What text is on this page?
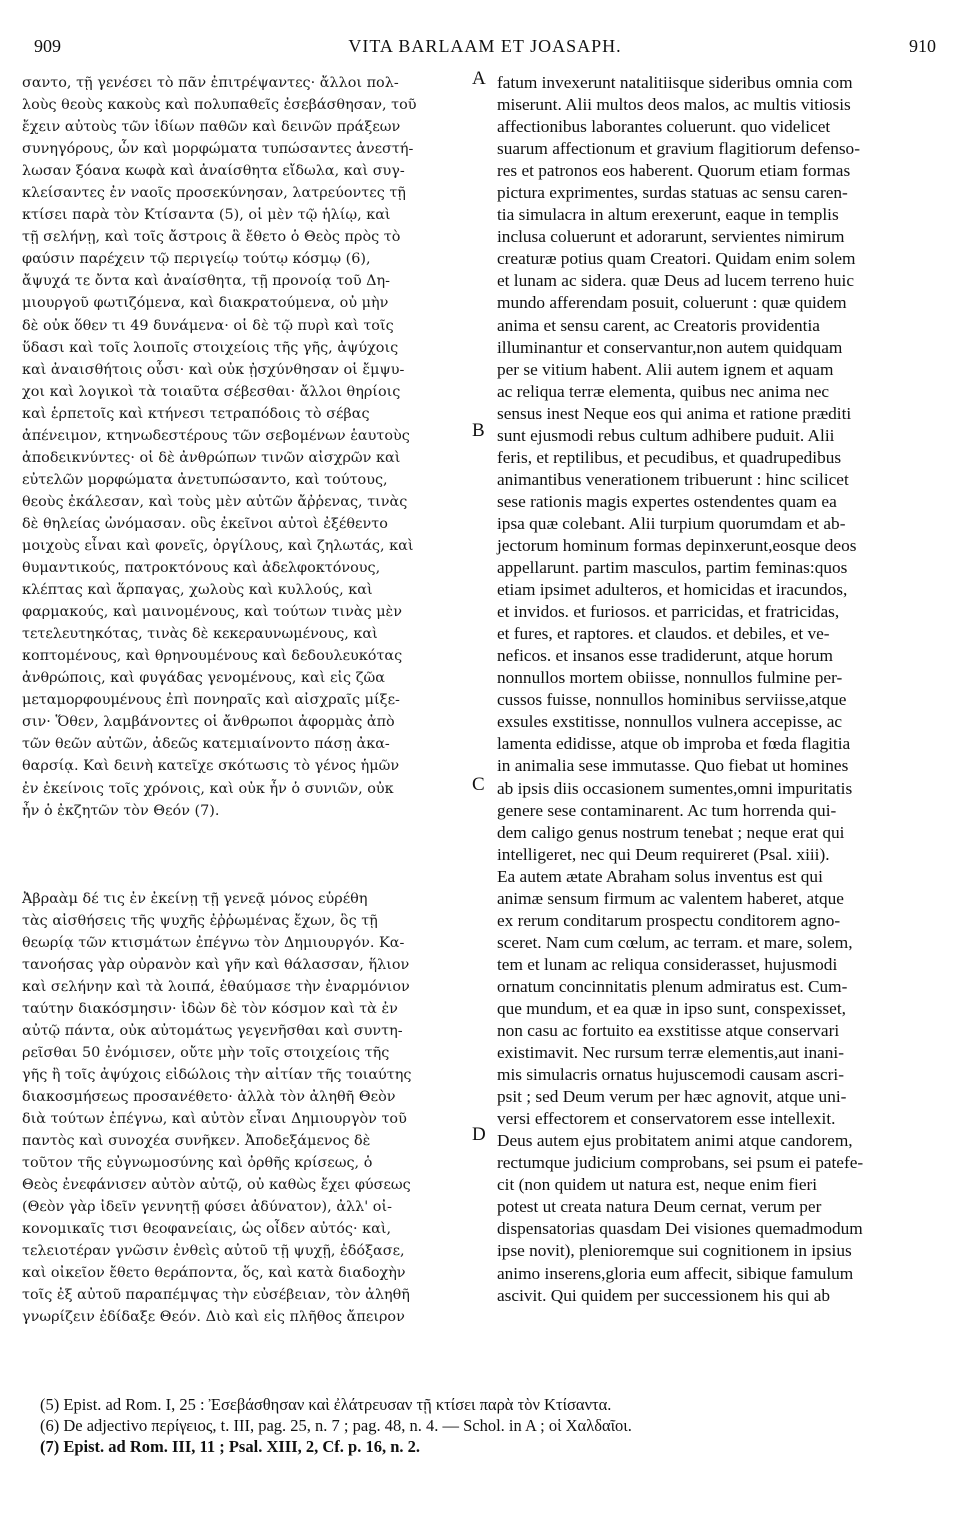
909	VITA BARLAAM ET JOASAPH.	910
σαντο, τῇ γενέσει τὸ πᾶν ἐπιτρέψαντες· ἄλλοι πολ-
λοὺς θεοὺς κακοὺς καὶ πολυπαθεῖς ἐσεβάσθησαν, τοῦ
ἔχειν αὐτοὺς τῶν ἰδίων παθῶν καὶ δεινῶν πράξεων
συνηγόρους, ὧν καὶ μορφώματα τυπώσαντες ἀνεστή-
λωσαν ξόανα κωφὰ καὶ ἀναίσθητα εἴδωλα, καὶ συγ-
κλείσαντες ἐν ναοῖς προσεκύνησαν, λατρεύοντες τῇ
κτίσει παρὰ τὸν Κτίσαντα (5), οἱ μὲν τῷ ἡλίῳ, καὶ
τῇ σελήνῃ, καὶ τοῖς ἄστροις ἃ ἔθετο ὁ Θεὸς πρὸς τὸ
φαύσιν παρέχειν τῷ περιγείῳ τούτῳ κόσμῳ (6),
ἄψυχά τε ὄντα καὶ ἀναίσθητα, τῇ προνοίᾳ τοῦ Δη-
μιουργοῦ φωτιζόμενα, καὶ διακρατούμενα, οὐ μὴν
δὲ οὐκ ὅθεν τι 49 δυνάμενα· οἱ δὲ τῷ πυρὶ καὶ τοῖς
ὕδασι καὶ τοῖς λοιποῖς στοιχείοις τῆς γῆς, ἀψύχοις
καὶ ἀναισθήτοις οὖσι· καὶ οὐκ ᾐσχύνθησαν οἱ ἔμψυ-
χοι καὶ λογικοὶ τὰ τοιαῦτα σέβεσθαι· ἄλλοι θηρίοις
καὶ ἑρπετοῖς καὶ κτήνεσι τετραπόδοις τὸ σέβας
ἀπένειμον, κτηνωδεστέρους τῶν σεβομένων ἑαυτοὺς
ἀποδεικνύντες· οἱ δὲ ἀνθρώπων τινῶν αἰσχρῶν καὶ
εὐτελῶν μορφώματα ἀνετυπώσαντο, καὶ τούτους,
θεοὺς ἐκάλεσαν, καὶ τοὺς μὲν αὐτῶν ἄῤῥενας, τινὰς
δὲ θηλείας ὠνόμασαν. οὓς ἐκεῖνοι αὐτοὶ ἐξέθεντο
μοιχοὺς εἶναι καὶ φονεῖς, ὀργίλους, καὶ ζηλωτάς, καὶ
θυμαντικούς, πατροκτόνους καὶ ἀδελφοκτόνους,
κλέπτας καὶ ἅρπαγας, χωλοὺς καὶ κυλλούς, καὶ
φαρμακούς, καὶ μαινομένους, καὶ τούτων τινὰς μὲν
τετελευτηκότας, τινὰς δὲ κεκεραυνωμένους, καὶ
κοπτομένους, καὶ θρηνουμένους καὶ δεδουλευκότας
ἀνθρώποις, καὶ φυγάδας γενομένους, καὶ εἰς ζῶα
μεταμορφουμένους ἐπὶ πονηραῖς καὶ αἰσχραῖς μίξε-
σιν· Ὅθεν, λαμβάνοντες οἱ ἄνθρωποι ἀφορμὰς ἀπὸ
τῶν θεῶν αὐτῶν, ἀδεῶς κατεμιαίνοντο πάσῃ ἀκα-
θαρσίᾳ. Καὶ δεινὴ κατεῖχε σκότωσις τὸ γένος ἡμῶν
ἐν ἐκείνοις τοῖς χρόνοις, καὶ οὐκ ἦν ὁ συνιῶν, οὐκ
ἦν ὁ ἐκζητῶν τὸν Θεόν (7).
Ἀβραὰμ δέ τις ἐν ἐκείνῃ τῇ γενεᾷ μόνος εὑρέθη
τὰς αἰσθήσεις τῆς ψυχῆς ἐῤῥωμένας ἔχων, ὃς τῇ
θεωρίᾳ τῶν κτισμάτων ἐπέγνω τὸν Δημιουργόν. Κα-
τανοήσας γὰρ οὐρανὸν καὶ γῆν καὶ θάλασσαν, ἥλιον
καὶ σελήνην καὶ τὰ λοιπά, ἐθαύμασε τὴν ἐναρμόνιον
ταύτην διακόσμησιν· ἰδὼν δὲ τὸν κόσμον καὶ τὰ ἐν
αὐτῷ πάντα, οὐκ αὐτομάτως γεγενῆσθαι καὶ συντη-
ρεῖσθαι 50 ἐνόμισεν, οὔτε μὴν τοῖς στοιχείοις τῆς
γῆς ἢ τοῖς ἀψύχοις εἰδώλοις τὴν αἰτίαν τῆς τοιαύτης
διακοσμήσεως προσανέθετο· ἀλλὰ τὸν ἀληθῆ Θεὸν
διὰ τούτων ἐπέγνω, καὶ αὐτὸν εἶναι Δημιουργὸν τοῦ
παντὸς καὶ συνοχέα συνῆκεν. Ἀποδεξάμενος δὲ
τοῦτον τῆς εὐγνωμοσύνης καὶ ὀρθῆς κρίσεως, ὁ
Θεὸς ἐνεφάνισεν αὐτὸν αὐτῷ, οὐ καθὼς ἔχει φύσεως
(Θεὸν γὰρ ἰδεῖν γεννητῇ φύσει ἀδύνατον), ἀλλ' οἰ-
κονομικαῖς τισι θεοφανείαις, ὡς οἶδεν αὐτός· καὶ,
τελειοτέραν γνῶσιν ἐνθεὶς αὐτοῦ τῇ ψυχῇ, ἐδόξασε,
καὶ οἰκεῖον ἔθετο θεράποντα, ὅς, καὶ κατὰ διαδοχὴν
τοῖς ἐξ αὐτοῦ παραπέμψας τὴν εὐσέβειαν, τὸν ἀληθῆ
γνωρίζειν ἐδίδαξε Θεόν. Διὸ καὶ εἰς πλῆθος ἄπειρον
fatum invexerunt natalitiisque sideribus omnia com
miserunt. Alii multos deos malos, ac multis vitiosis
affectionibus laborantes coluerunt. quo videlicet
suarum affectionum et gravium flagitiorum defenso-
res et patronos eos haberent. Quorum etiam formas
pictura exprimentes, surdas statuas ac sensu caren-
tia simulacra in altum erexerunt, eaque in templis
inclusa coluerunt et adorarunt, servientes nimirum
creaturæ potius quam Creatori. Quidam enim solem
et lunam ac sidera. quæ Deus ad lucem terreno huic
mundo afferendam posuit, coluerunt : quæ quidem
anima et sensu carent, ac Creatoris providentia
illuminantur et conservantur,non autem quidquam
per se vitium habent. Alii autem ignem et aquam
ac reliqua terræ elementa, quibus nec anima nec
sensus inest Neque eos qui anima et ratione præditi
sunt ejusmodi rebus cultum adhibere puduit. Alii
feris, et reptilibus, et pecudibus, et quadrupedibus
animantibus venerationem tribuerunt : hinc scilicet
sese rationis magis expertes ostendentes quam ea
ipsa quæ colebant. Alii turpium quorumdam et ab-
jectorum hominum formas depinxerunt,eosque deos
appellarunt. partim masculos, partim feminas:quos
etiam ipsimet adulteros, et homicidas et iracundos,
et invidos. et furiosos. et parricidas, et fratricidas,
et fures, et raptores. et claudos. et debiles, et ve-
neficos. et insanos esse tradiderunt, atque horum
nonnullos mortem obiisse, nonnullos fulmine per-
cussos fuisse, nonnullos hominibus serviisse,atque
exsules exstitisse, nonnullos vulnera accepisse, ac
lamenta edidisse, atque ob improba et fœda flagitia
in animalia sese immutasse. Quo fiebat ut homines
ab ipsis diis occasionem sumentes,omni impuritatis
genere sese contaminarent. Ac tum horrenda qui-
dem caligo genus nostrum tenebat ; neque erat qui
intelligeret, nec qui Deum requireret (Psal. xiii).
Ea autem ætate Abraham solus inventus est qui
animæ sensum firmum ac valentem haberet, atque
ex rerum conditarum prospectu conditorem agno-
sceret. Nam cum cœlum, ac terram. et mare, solem,
tem et lunam ac reliqua considerasset, hujusmodi
ornatum concinnitatis plenum admiratus est. Cum-
que mundum, et ea quæ in ipso sunt, conspexisset,
non casu ac fortuito ea exstitisse atque conservari
existimavit. Nec rursum terræ elementis,aut inani-
mis simulacris ornatus hujuscemodi causam ascri-
psit ; sed Deum verum per hæc agnovit, atque uni-
versi effectorem et conservatorem esse intellexit.
Deus autem ejus probitatem animi atque candorem,
rectumque judicium comprobans, sei psum ei patefe-
cit (non quidem ut natura est, neque enim fieri
potest ut creata natura Deum cernat, verum per
dispensatorias quasdam Dei visiones quemadmodum
ipse novit), plenioremque sui cognitionem in ipsius
animo inserens,gloria eum affecit, sibique famulum
ascivit. Qui quidem per successionem his qui ab
A
B
C
D
(5) Epist. ad Rom. I, 25 : Ἐσεβάσθησαν καὶ ἐλάτρευσαν τῇ κτίσει παρὰ τὸν Κτίσαντα.
(6) De adjectivo περίγειος, t. III, pag. 25, n. 7 ; pag. 48, n. 4. — Schol. in A ; οἱ Χαλδαῖοι.
(7) Epist. ad Rom. III, 11 ; Psal. XIII, 2, Cf. p. 16, n. 2.
